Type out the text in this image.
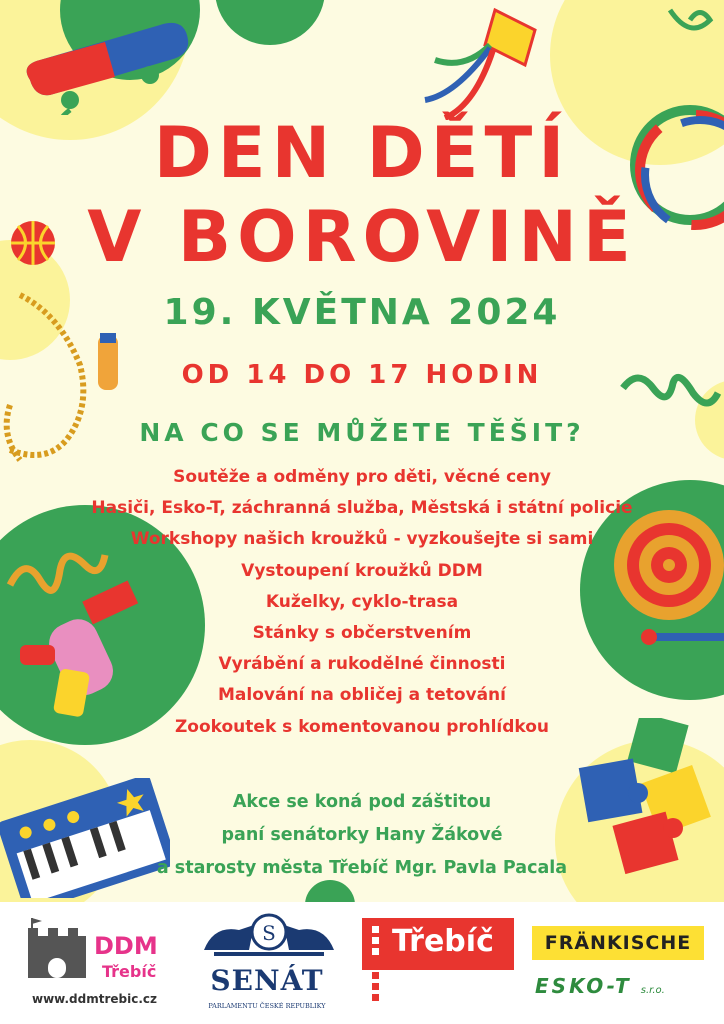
DEN DĚTÍ
V BOROVINĚ
19. KVĚTNA 2024
OD 14 DO 17 HODIN
NA CO SE MŮŽETE TĚŠIT?
Soutěže a odměny pro děti, věcné ceny
Hasiči, Esko-T, záchranná služba, Městská i státní policie
Workshopy našich kroužků - vyzkoušejte si sami
Vystoupení kroužků DDM
Kuželky, cyklo-trasa
Stánky s občerstvením
Vyrábění a rukodělné činnosti
Malování na obličej a tetování
Zookoutek s komentovanou prohlídkou
Akce se koná pod záštitou
paní senátorky Hany Žákové
a starosty města Třebíč Mgr. Pavla Pacala
DDM
Třebíč
www.ddmtrebic.cz
S
SENÁT
PARLAMENTU ČESKÉ REPUBLIKY
Třebíč	FRÄNKISCHE
ESKO-T s.r.o.
